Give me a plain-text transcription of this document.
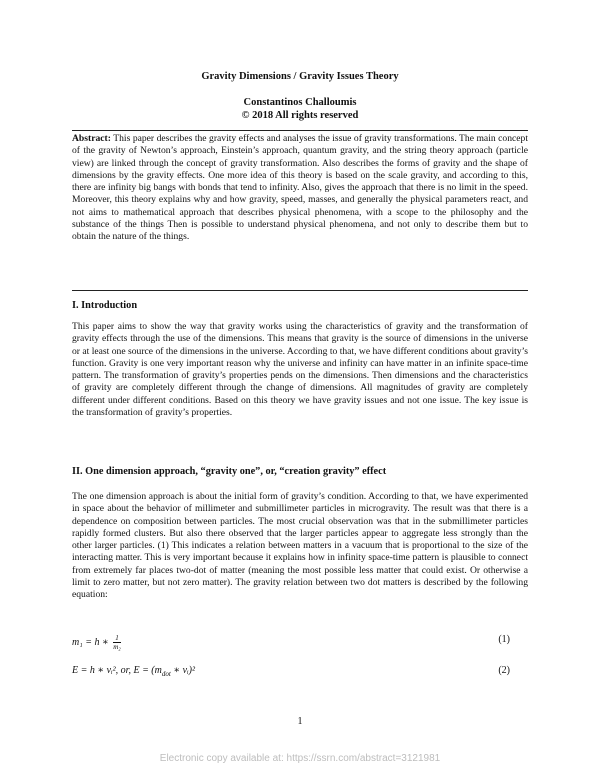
Gravity Dimensions / Gravity Issues Theory
Constantinos Challoumis
© 2018 All rights reserved
Abstract: This paper describes the gravity effects and analyses the issue of gravity transformations. The main concept of the gravity of Newton’s approach, Einstein’s approach, quantum gravity, and the string theory approach (particle view) are linked through the concept of gravity transformation. Also describes the forms of gravity and the shape of dimensions by the gravity effects. One more idea of this theory is based on the scale gravity, and according to this, there are infinity big bangs with bonds that tend to infinity. Also, gives the approach that there is no limit in the speed. Moreover, this theory explains why and how gravity, speed, masses, and generally the physical parameters react, and not aims to mathematical approach that describes physical phenomena, with a scope to the philosophy and the substance of the things Then is possible to understand physical phenomena, and not only to describe them but to obtain the nature of the things.
I. Introduction
This paper aims to show the way that gravity works using the characteristics of gravity and the transformation of gravity effects through the use of the dimensions. This means that gravity is the source of dimensions in the universe or at least one source of the dimensions in the universe. According to that, we have different conditions about gravity’s function. Gravity is one very important reason why the universe and infinity can have matter in an infinite space-time pattern. The transformation of gravity’s properties pends on the dimensions. Then dimensions and the characteristics of gravity are completely different through the change of dimensions. All magnitudes of gravity are completely different under different conditions. Based on this theory we have gravity issues and not one issue. The key issue is the transformation of gravity’s properties.
II. One dimension approach, “gravity one”, or, “creation gravity” effect
The one dimension approach is about the initial form of gravity’s condition. According to that, we have experimented in space about the behavior of millimeter and submillimeter particles in microgravity. The result was that there is a dependence on composition between particles. The most crucial observation was that in the submillimeter particles rapidly formed clusters. But also there observed that the larger particles appear to aggregate less strongly than the other larger particles. (1) This indicates a relation between matters in a vacuum that is proportional to the size of the interacting matter. This is very important because it explains how in infinity space-time pattern is plausible to connect from extremely far places two-dot of matter (meaning the most possible less matter that could exist. Or otherwise a limit to zero matter, but not zero matter). The gravity relation between two dot matters is described by the following equation:
m₁ = h ∗ $\frac{1}{\text{m₂}}$	(1)
E = h ∗ vᵢ², or, $E = (m_{dot}$ ∗ vᵢ)²	(2)
1
Electronic copy available at: https://ssrn.com/abstract=3121981
